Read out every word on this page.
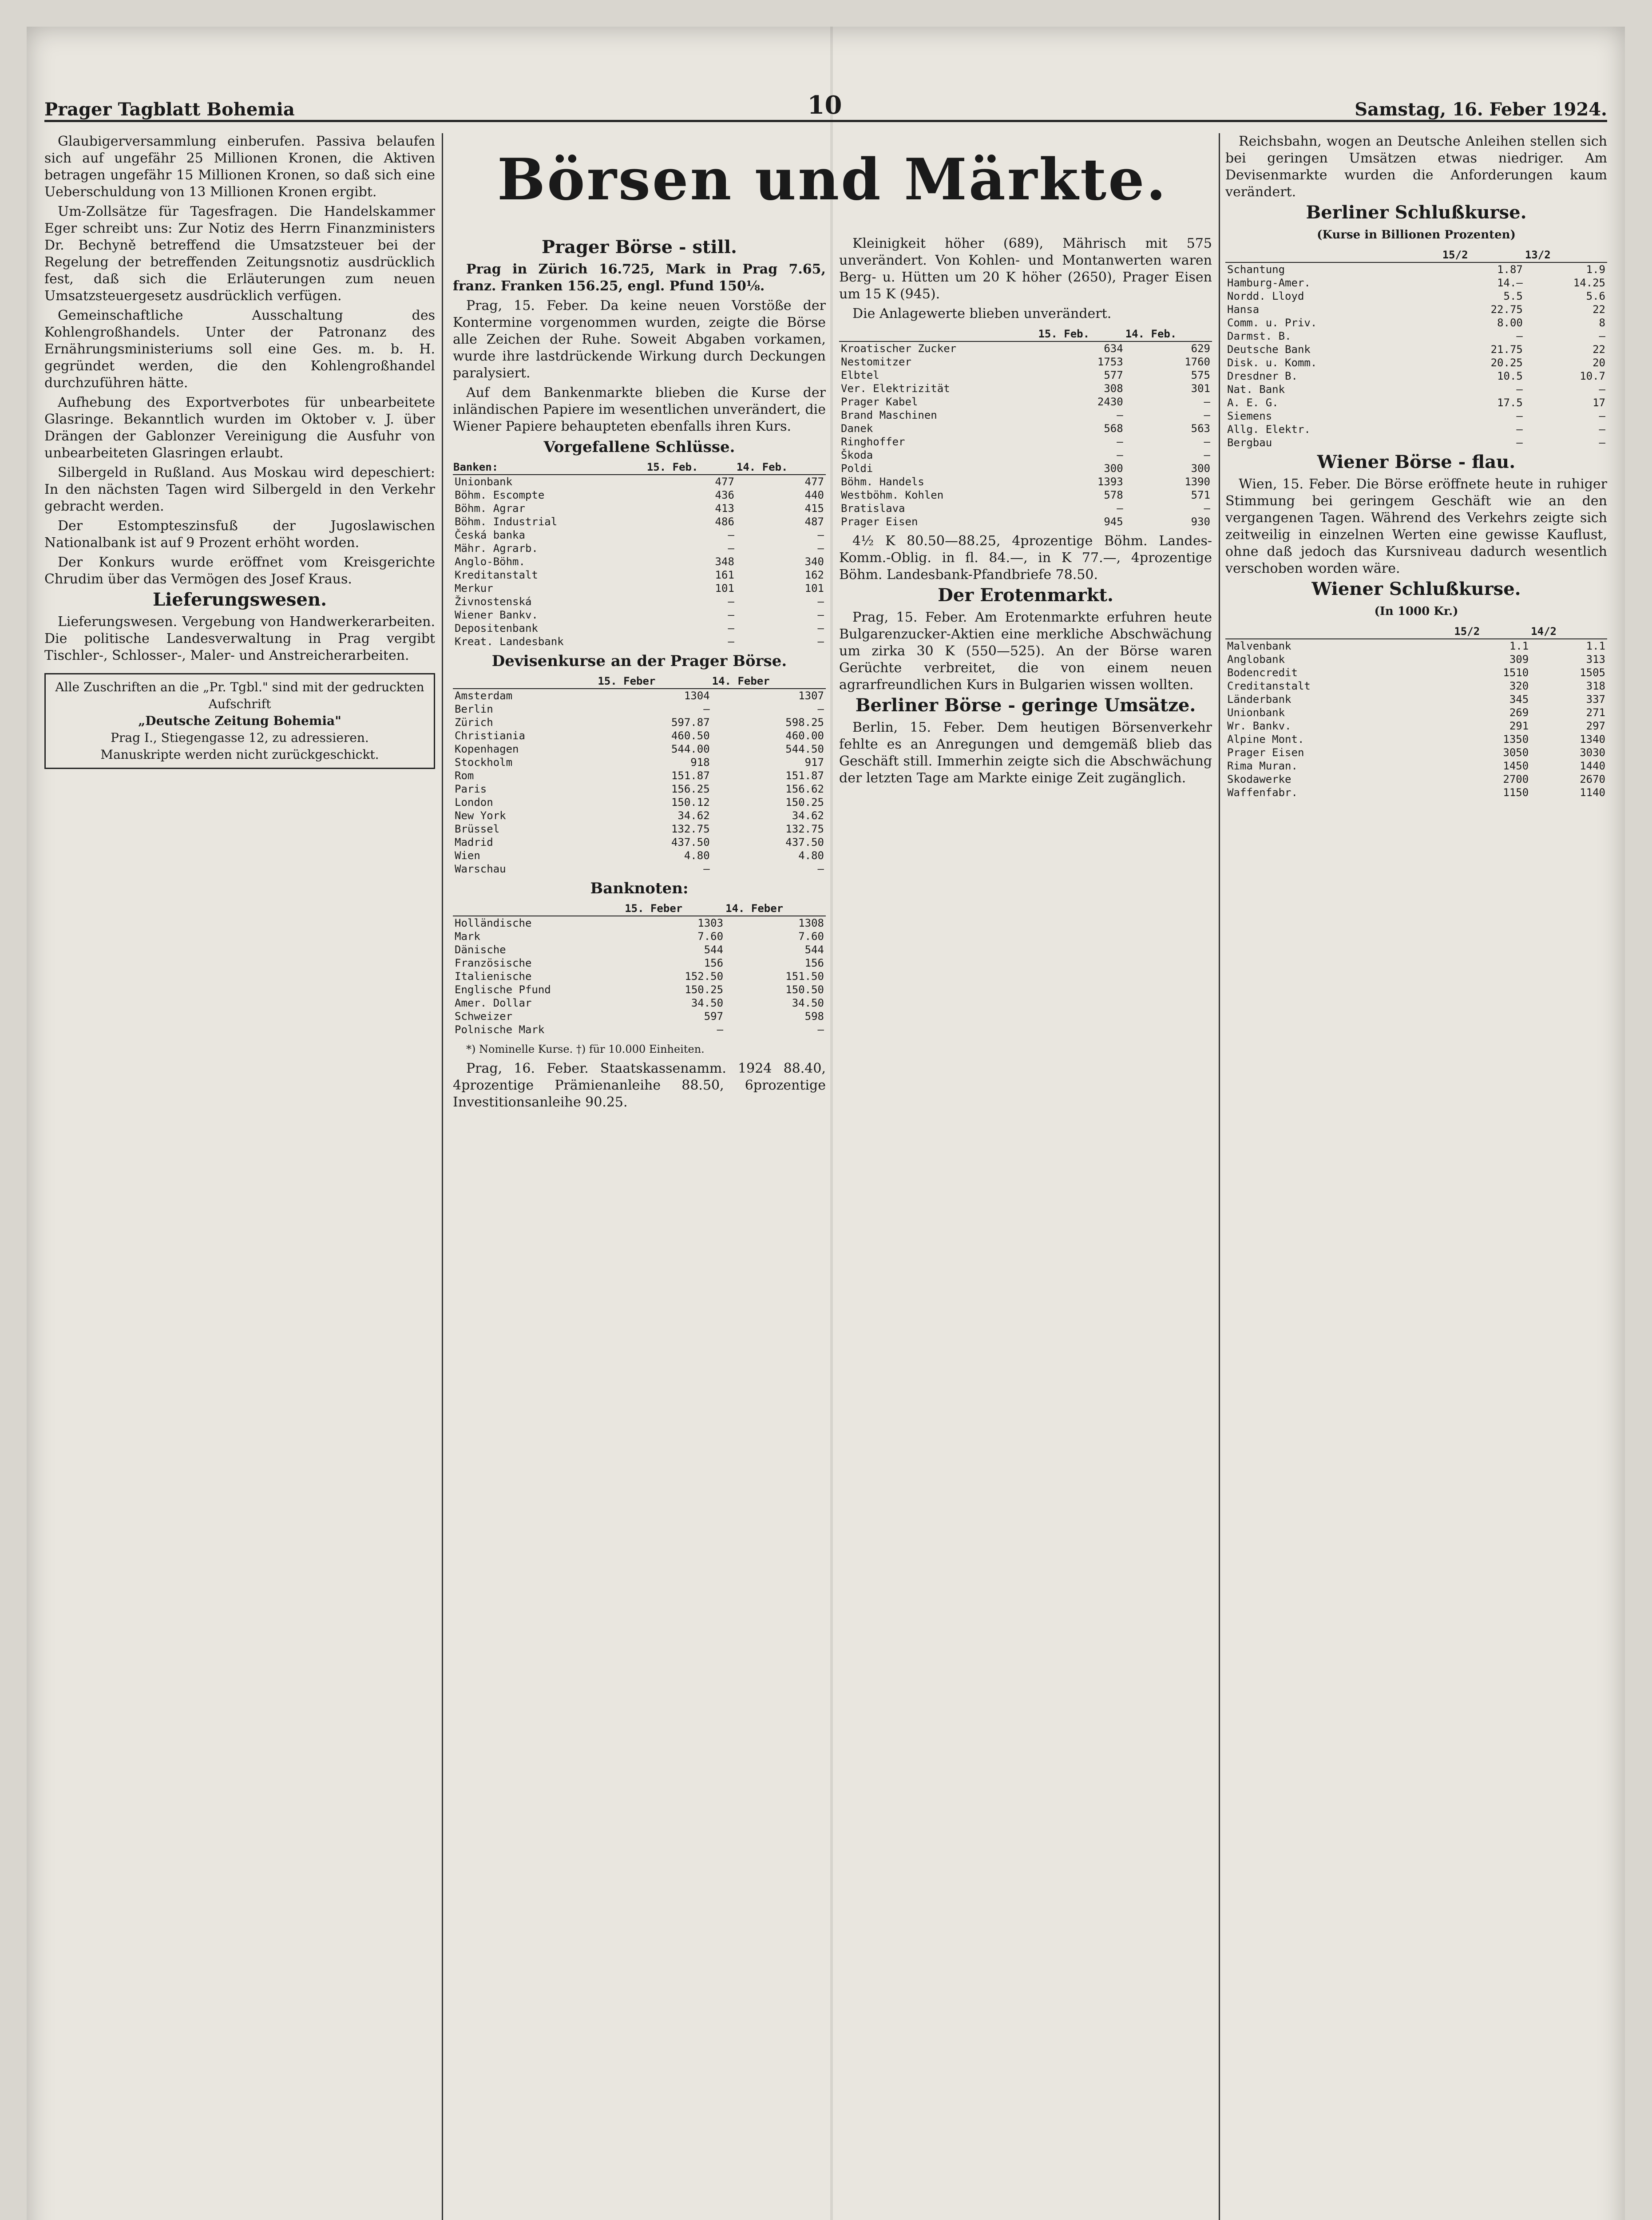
Prager Tagblatt Bohemia	10	Samstag, 16. Feber 1924.

Glaubigerversammlung einberufen. Passiva belaufen sich auf ungefähr 25 Millionen Kronen, die Aktiven betragen ungefähr 15 Millionen Kronen, so daß sich eine Ueberschuldung von 13 Millionen Kronen ergibt.

Um-Zollsätze für Tagesfragen. Die Handelskammer Eger schreibt uns: Zur Notiz des Herrn Finanzministers Dr. Bechyně betreffend die Umsatzsteuer bei der Regelung der betreffenden Zeitungsnotiz ausdrücklich fest, daß sich die Erläuterungen zum neuen Umsatzsteuergesetz ausdrücklich verfügen.

Gemeinschaftliche Ausschaltung des Kohlengroßhandels. Unter der Patronanz des Ernährungsministeriums soll eine Ges. m. b. H. gegründet werden, die den Kohlengroßhandel durchzuführen hätte.

Aufhebung des Exportverbotes für unbearbeitete Glasringe. Bekanntlich wurden im Oktober v. J. über Drängen der Gablonzer Vereinigung die Ausfuhr von unbearbeiteten Glasringen erlaubt.

Silbergeld in Rußland. Aus Moskau wird depeschiert: In den nächsten Tagen wird Silbergeld in den Verkehr gebracht werden.

Der Estompteszinsfuß der Jugoslawischen Nationalbank ist auf 9 Prozent erhöht worden.

Der Konkurs wurde eröffnet vom Kreisgerichte Chrudim über das Vermögen des Josef Kraus.

Lieferungswesen.

Lieferungswesen. Vergebung von Handwerkerarbeiten. Die politische Landesverwaltung in Prag vergibt Tischler-, Schlosser-, Maler- und Anstreicherarbeiten.

Alle Zuschriften an die „Pr. Tgbl." sind mit der gedruckten Aufschrift
„Deutsche Zeitung Bohemia"
Prag I., Stiegengasse 12, zu adressieren.
Manuskripte werden nicht zurückgeschickt.
Börsen und Märkte.
Prager Börse - still.

Prag in Zürich 16.725, Mark in Prag 7.65, franz. Franken 156.25, engl. Pfund 150⅛.

Prag, 15. Feber. Da keine neuen Vorstöße der Kontermine vorgenommen wurden, zeigte die Börse alle Zeichen der Ruhe. Soweit Abgaben vorkamen, wurde ihre lastdrückende Wirkung durch Deckungen paralysiert.

Auf dem Bankenmarkte blieben die Kurse der inländischen Papiere im wesentlichen unverändert, die Wiener Papiere behaupteten ebenfalls ihren Kurs.

Vorgefallene Schlüsse.
Banken:	15. Feb.	14. Feb.
Unionbank	477	477
Böhm. Escompte	436	440
Böhm. Agrar	413	415
Böhm. Industrial	486	487
Česká banka	—	—
Mähr. Agrarb.	—	—
Anglo-Böhm.	348	340
Kreditanstalt	161	162
Merkur	101	101
Živnostenská	—	—
Wiener Bankv.	—	—
Depositenbank	—	—
Kreat. Landesbank	—	—
Devisenkurse an der Prager Börse.
	15. Feber	14. Feber
Amsterdam	1304	1307
Berlin	—	—
Zürich	597.87	598.25
Christiania	460.50	460.00
Kopenhagen	544.00	544.50
Stockholm	918	917
Rom	151.87	151.87
Paris	156.25	156.62
London	150.12	150.25
New York	34.62	34.62
Brüssel	132.75	132.75
Madrid	437.50	437.50
Wien	4.80	4.80
Warschau	—	—
Banknoten:
	15. Feber	14. Feber
Holländische	1303	1308
Mark	7.60	7.60
Dänische	544	544
Französische	156	156
Italienische	152.50	151.50
Englische Pfund	150.25	150.50
Amer. Dollar	34.50	34.50
Schweizer	597	598
Polnische Mark	—	—

*) Nominelle Kurse. †) für 10.000 Einheiten.

Prag, 16. Feber. Staatskassenamm. 1924 88.40, 4prozentige Prämienanleihe 88.50, 6prozentige Investitionsanleihe 90.25.

Kleinigkeit höher (689), Mährisch mit 575 unverändert. Von Kohlen- und Montanwerten waren Berg- u. Hütten um 20 K höher (2650), Prager Eisen um 15 K (945).

Die Anlagewerte blieben unverändert.

	15. Feb.	14. Feb.
Kroatischer Zucker	634	629
Nestomitzer	1753	1760
Elbtel	577	575
Ver. Elektrizität	308	301
Prager Kabel	2430	—
Brand Maschinen	—	—
Danek	568	563
Ringhoffer	—	—
Škoda	—	—
Poldi	300	300
Böhm. Handels	1393	1390
Westböhm. Kohlen	578	571
Bratislava	—	—
Prager Eisen	945	930

4½ K 80.50—88.25, 4prozentige Böhm. Landes-Komm.-Oblig. in fl. 84.—, in K 77.—, 4prozentige Böhm. Landesbank-Pfandbriefe 78.50.

Der Erotenmarkt.

Prag, 15. Feber. Am Erotenmarkte erfuhren heute Bulgarenzucker-Aktien eine merkliche Abschwächung um zirka 30 K (550—525). An der Börse waren Gerüchte verbreitet, die von einem neuen agrarfreundlichen Kurs in Bulgarien wissen wollten.

Berliner Börse - geringe Umsätze.

Berlin, 15. Feber. Dem heutigen Börsenverkehr fehlte es an Anregungen und demgemäß blieb das Geschäft still. Immerhin zeigte sich die Abschwächung der letzten Tage am Markte einige Zeit zugänglich.

Reichsbahn, wogen an Deutsche Anleihen stellen sich bei geringen Umsätzen etwas niedriger. Am Devisenmarkte wurden die Anforderungen kaum verändert.

Berliner Schlußkurse.
(Kurse in Billionen Prozenten)
	15/2	13/2
Schantung	1.87	1.9
Hamburg-Amer.	14.—	14.25
Nordd. Lloyd	5.5	5.6
Hansa	22.75	22
Comm. u. Priv.	8.00	8
Darmst. B.	—	—
Deutsche Bank	21.75	22
Disk. u. Komm.	20.25	20
Dresdner B.	10.5	10.7
Nat. Bank	—	—
A. E. G.	17.5	17
Siemens	—	—
Allg. Elektr.	—	—
Bergbau	—	—
Wiener Börse - flau.

Wien, 15. Feber. Die Börse eröffnete heute in ruhiger Stimmung bei geringem Geschäft wie an den vergangenen Tagen. Während des Verkehrs zeigte sich zeitweilig in einzelnen Werten eine gewisse Kauflust, ohne daß jedoch das Kursniveau dadurch wesentlich verschoben worden wäre.

Wiener Schlußkurse.
(In 1000 Kr.)
	15/2	14/2
Malvenbank	1.1	1.1
Anglobank	309	313
Bodencredit	1510	1505
Creditanstalt	320	318
Länderbank	345	337
Unionbank	269	271
Wr. Bankv.	291	297
Alpine Mont.	1350	1340
Prager Eisen	3050	3030
Rima Muran.	1450	1440
Skodawerke	2700	2670
Waffenfabr.	1150	1140
